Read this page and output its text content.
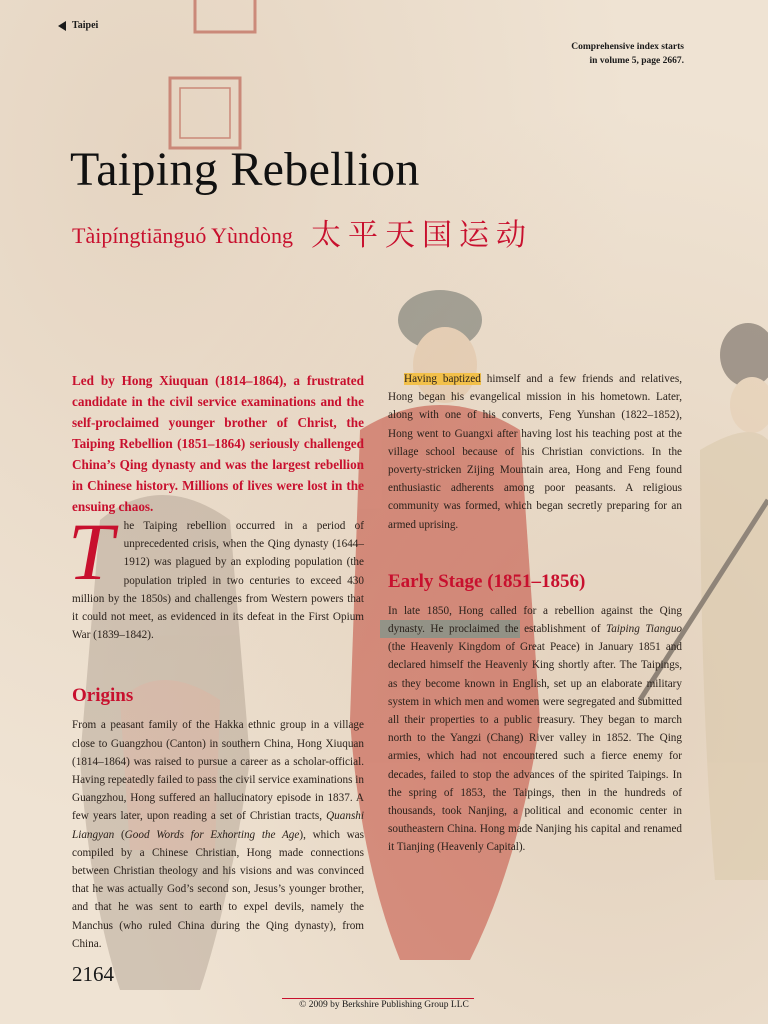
Taipei
Comprehensive index starts
in volume 5, page 2667.
Taiping Rebellion
Tàipíngtiānguó Yùndòng 太平天国运动

Led by Hong Xiuquan (1814–1864), a frustrated candidate in the civil service examinations and the self-proclaimed younger brother of Christ, the Taiping Rebellion (1851–1864) seriously challenged China’s Qing dynasty and was the largest rebellion in Chinese history. Millions of lives were lost in the ensuing chaos.

The Taiping rebellion occurred in a period of unprecedented crisis, when the Qing dynasty (1644–1912) was plagued by an exploding population (the population tripled in two centuries to exceed 430 million by the 1850s) and challenges from Western powers that it could not meet, as evidenced in its defeat in the First Opium War (1839–1842).

Origins

From a peasant family of the Hakka ethnic group in a village close to Guangzhou (Canton) in southern China, Hong Xiuquan (1814–1864) was raised to pursue a career as a scholar-official. Having repeatedly failed to pass the civil service examinations in Guangzhou, Hong suffered an hallucinatory episode in 1837. A few years later, upon reading a set of Christian tracts, Quanshi Liangyan (Good Words for Exhorting the Age), which was compiled by a Chinese Christian, Hong made connections between Christian theology and his visions and was convinced that he was actually God’s second son, Jesus’s younger brother, and that he was sent to earth to expel devils, namely the Manchus (who ruled China during the Qing dynasty), from China.

Having baptized himself and a few friends and relatives, Hong began his evangelical mission in his hometown. Later, along with one of his converts, Feng Yunshan (1822–1852), Hong went to Guangxi after having lost his teaching post at the village school because of his Christian convictions. In the poverty-stricken Zijing Mountain area, Hong and Feng found enthusiastic adherents among poor peasants. A religious community was formed, which began secretly preparing for an armed uprising.

Early Stage (1851–1856)

In late 1850, Hong called for a rebellion against the Qing dynasty. He proclaimed the establishment of Taiping Tianguo (the Heavenly Kingdom of Great Peace) in January 1851 and declared himself the Heavenly King shortly after. The Taipings, as they become known in English, set up an elaborate military system in which men and women were segregated and submitted all their properties to a public treasury. They began to march north to the Yangzi (Chang) River valley in 1852. The Qing armies, which had not encountered such a fierce enemy for decades, failed to stop the advances of the spirited Taipings. In the spring of 1853, the Taipings, then in the hundreds of thousands, took Nanjing, a political and economic center in southeastern China. Hong made Nanjing his capital and renamed it Tianjing (Heavenly Capital).

2164
© 2009 by Berkshire Publishing Group LLC
